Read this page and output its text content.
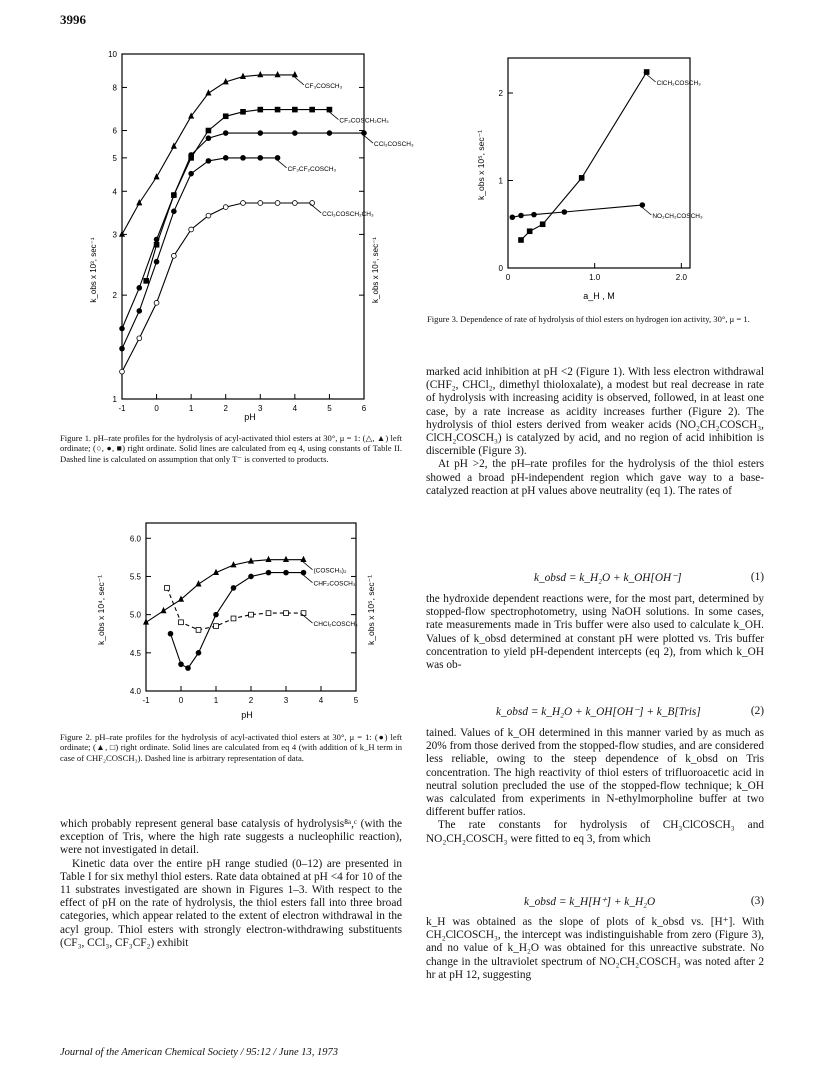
3996
1
2
3
4
5
6
8
10
-1	0	1	2	3	4	5	6
CF₃COSCH₃
CF₃COSCH₂CH₃
CCl₃COSCH₃
CF₃CF₂COSCH₃
CCl₃COSCH₂CH₃
pH
k_obs x 10³, sec⁻¹	k_obs x 10⁴, sec⁻¹
Figure 1. pH–rate profiles for the hydrolysis of acyl-activated thiol esters at 30°, μ = 1: (△, ▲) left ordinate; (○, ●, ■) right ordinate. Solid lines are calculated from eq 4, using constants of Table II. Dashed line is calculated on assumption that only T⁻ is converted to products.
4.0
4.5
5.0
5.5
6.0
-1	0	1	2	3	4	5
(COSCH₃)₂
CHF₂COSCH₃
CHCl₂COSCH₃
pH
k_obs x 10⁴, sec⁻¹	k_obs x 10⁵, sec⁻¹
Figure 2. pH–rate profiles for the hydrolysis of acyl-activated thiol esters at 30°, μ = 1: (●) left ordinate; (▲, □) right ordinate. Solid lines are calculated from eq 4 (with addition of k_H term in case of CHF₂COSCH₃). Dashed line is arbitrary representation of data.
0
1
2
0	1.0	2.0
ClCH₂COSCH₃
NO₂CH₂COSCH₃
a_H , M
k_obs x 10⁵, sec⁻¹
Figure 3. Dependence of rate of hydrolysis of thiol esters on hydrogen ion activity, 30°, μ = 1.

marked acid inhibition at pH <2 (Figure 1). With less electron withdrawal (CHF₂, CHCl₂, dimethyl thioloxalate), a modest but real decrease in rate of hydrolysis with increasing acidity is observed, followed, in at least one case, by a rate increase as acidity increases further (Figure 2). The hydrolysis of thiol esters derived from weaker acids (NO₂CH₂COSCH₃, ClCH₂COSCH₃) is catalyzed by acid, and no region of acid inhibition is discernible (Figure 3).

At pH >2, the pH–rate profiles for the hydrolysis of the thiol esters showed a broad pH-independent region which gave way to a base-catalyzed reaction at pH values above neutrality (eq 1). The rates of

k_obsd = k_H₂O + k_OH[OH⁻]	(1)

the hydroxide dependent reactions were, for the most part, determined by stopped-flow spectrophotometry, using NaOH solutions. In some cases, rate measurements made in Tris buffer were also used to calculate k_OH. Values of k_obsd determined at constant pH were plotted vs. Tris buffer concentration to yield pH-dependent intercepts (eq 2), from which k_OH was ob-

k_obsd = k_H₂O + k_OH[OH⁻] + k_B[Tris]	(2)

tained. Values of k_OH determined in this manner varied by as much as 20% from those derived from the stopped-flow studies, and are considered less reliable, owing to the steep dependence of k_obsd on Tris concentration. The high reactivity of thiol esters of trifluoroacetic acid in neutral solution precluded the use of the stopped-flow technique; k_OH was calculated from experiments in N-ethylmorpholine buffer at two different buffer ratios.

The rate constants for hydrolysis of CH₃ClCOSCH₃ and NO₂CH₂COSCH₃ were fitted to eq 3, from which

k_obsd = k_H[H⁺] + k_H₂O	(3)

k_H was obtained as the slope of plots of k_obsd vs. [H⁺]. With CH₂ClCOSCH₃, the intercept was indistinguishable from zero (Figure 3), and no value of k_H₂O was obtained for this unreactive substrate. No change in the ultraviolet spectrum of NO₂CH₂COSCH₃ was noted after 2 hr at pH 12, suggesting

which probably represent general base catalysis of hydrolysis⁸ᵃ,ᶜ (with the exception of Tris, where the high rate suggests a nucleophilic reaction), were not investigated in detail.

Kinetic data over the entire pH range studied (0–12) are presented in Table I for six methyl thiol esters. Rate data obtained at pH <4 for 10 of the 11 substrates investigated are shown in Figures 1–3. With respect to the effect of pH on the rate of hydrolysis, the thiol esters fall into three broad categories, which appear related to the extent of electron withdrawal in the acyl group. Thiol esters with strongly electron-withdrawing substituents (CF₃, CCl₃, CF₃CF₂) exhibit

Journal of the American Chemical Society / 95:12 / June 13, 1973
